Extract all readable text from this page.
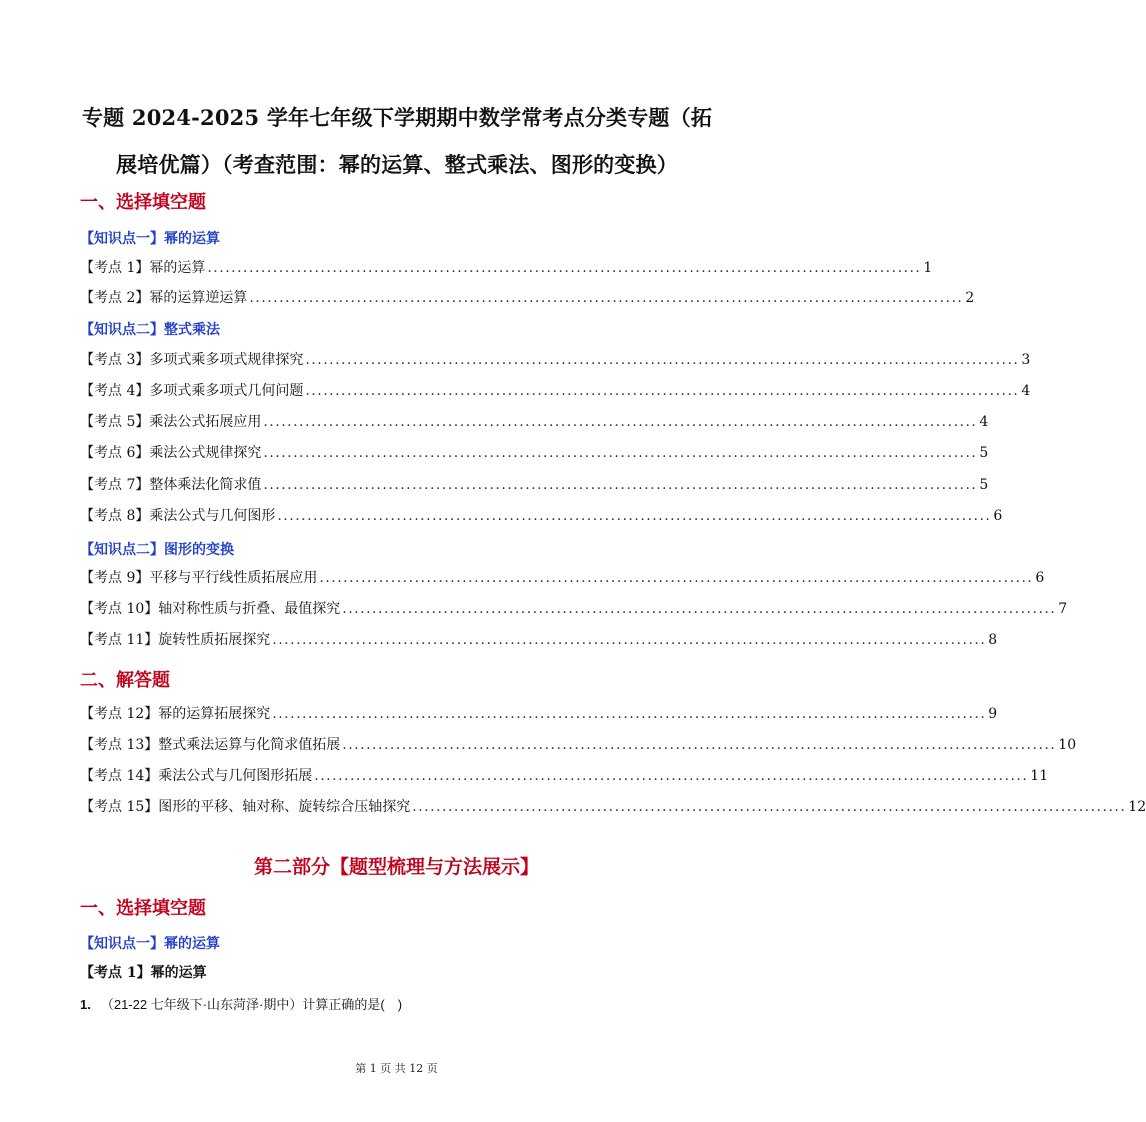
专题 2024-2025 学年七年级下学期期中数学常考点分类专题（拓展培优篇）（考查范围：幂的运算、整式乘法、图形的变换）
一、选择填空题
【知识点一】幂的运算
【考点 1】幂的运算 ........................................................................................................................ 1
【考点 2】幂的运算逆运算 ........................................................................................................................ 2
【知识点二】整式乘法
【考点 3】多项式乘多项式规律探究 ........................................................................................................................ 3
【考点 4】多项式乘多项式几何问题 ........................................................................................................................ 4
【考点 5】乘法公式拓展应用 ........................................................................................................................ 4
【考点 6】乘法公式规律探究 ........................................................................................................................ 5
【考点 7】整体乘法化简求值 ........................................................................................................................ 5
【考点 8】乘法公式与几何图形 ........................................................................................................................ 6
【知识点二】图形的变换
【考点 9】平移与平行线性质拓展应用 ........................................................................................................................ 6
【考点 10】轴对称性质与折叠、最值探究 ........................................................................................................................ 7
【考点 11】旋转性质拓展探究 ........................................................................................................................ 8
二、解答题
【考点 12】幂的运算拓展探究 ........................................................................................................................ 9
【考点 13】整式乘法运算与化简求值拓展 ........................................................................................................................ 10
【考点 14】乘法公式与几何图形拓展 ........................................................................................................................ 11
【考点 15】图形的平移、轴对称、旋转综合压轴探究 ........................................................................................................................ 12
第二部分【题型梳理与方法展示】
一、选择填空题
【知识点一】幂的运算
【考点 1】幂的运算
1. （21-22 七年级下·山东菏泽·期中）计算正确的是(　)
第 1 页 共 12 页
